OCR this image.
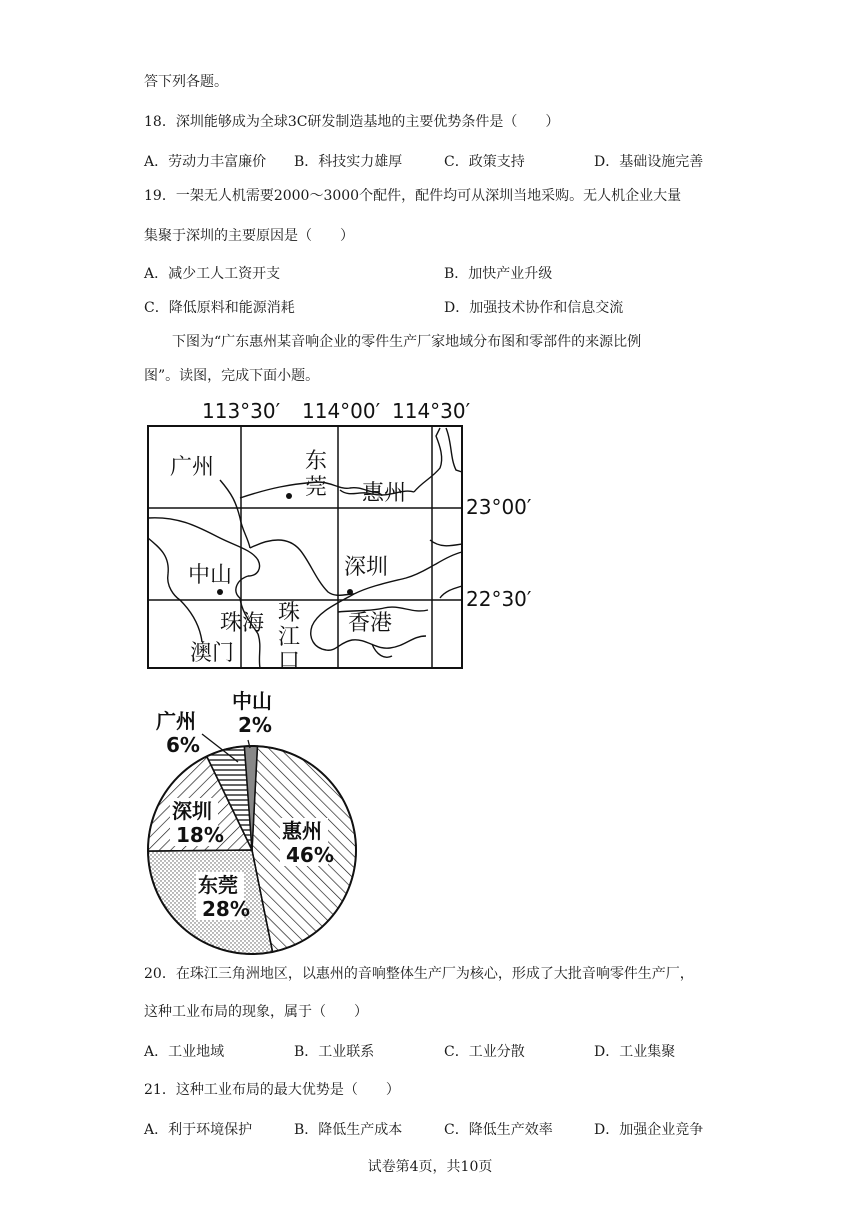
答下列各题。
18．深圳能够成为全球3C研发制造基地的主要优势条件是（　　）
A．劳动力丰富廉价 B．科技实力雄厚	C．政策支持	D．基础设施完善
19．一架无人机需要2000～3000个配件，配件均可从深圳当地采购。无人机企业大量
集聚于深圳的主要原因是（　　）
A．减少工人工资开支	B．加快产业升级
C．降低原料和能源消耗	D．加强技术协作和信息交流
下图为“广东惠州某音响企业的零件生产厂家地域分布图和零部件的来源比例
图”。读图，完成下面小题。
113°30′ 114°00′ 114°30′
23°00′
22°30′
广州	东
莞 惠州
中山	深圳
珠海
澳门
珠
江
口
香港
中山
2%
广州
6%
惠州
46%
东莞
28%
深圳
18%
20．在珠江三角洲地区，以惠州的音响整体生产厂为核心，形成了大批音响零件生产厂，
这种工业布局的现象，属于（　　）
A．工业地域	B．工业联系	C．工业分散	D．工业集聚
21．这种工业布局的最大优势是（　　）
A．利于环境保护	B．降低生产成本	C．降低生产效率	D．加强企业竞争
试卷第4页，共10页
